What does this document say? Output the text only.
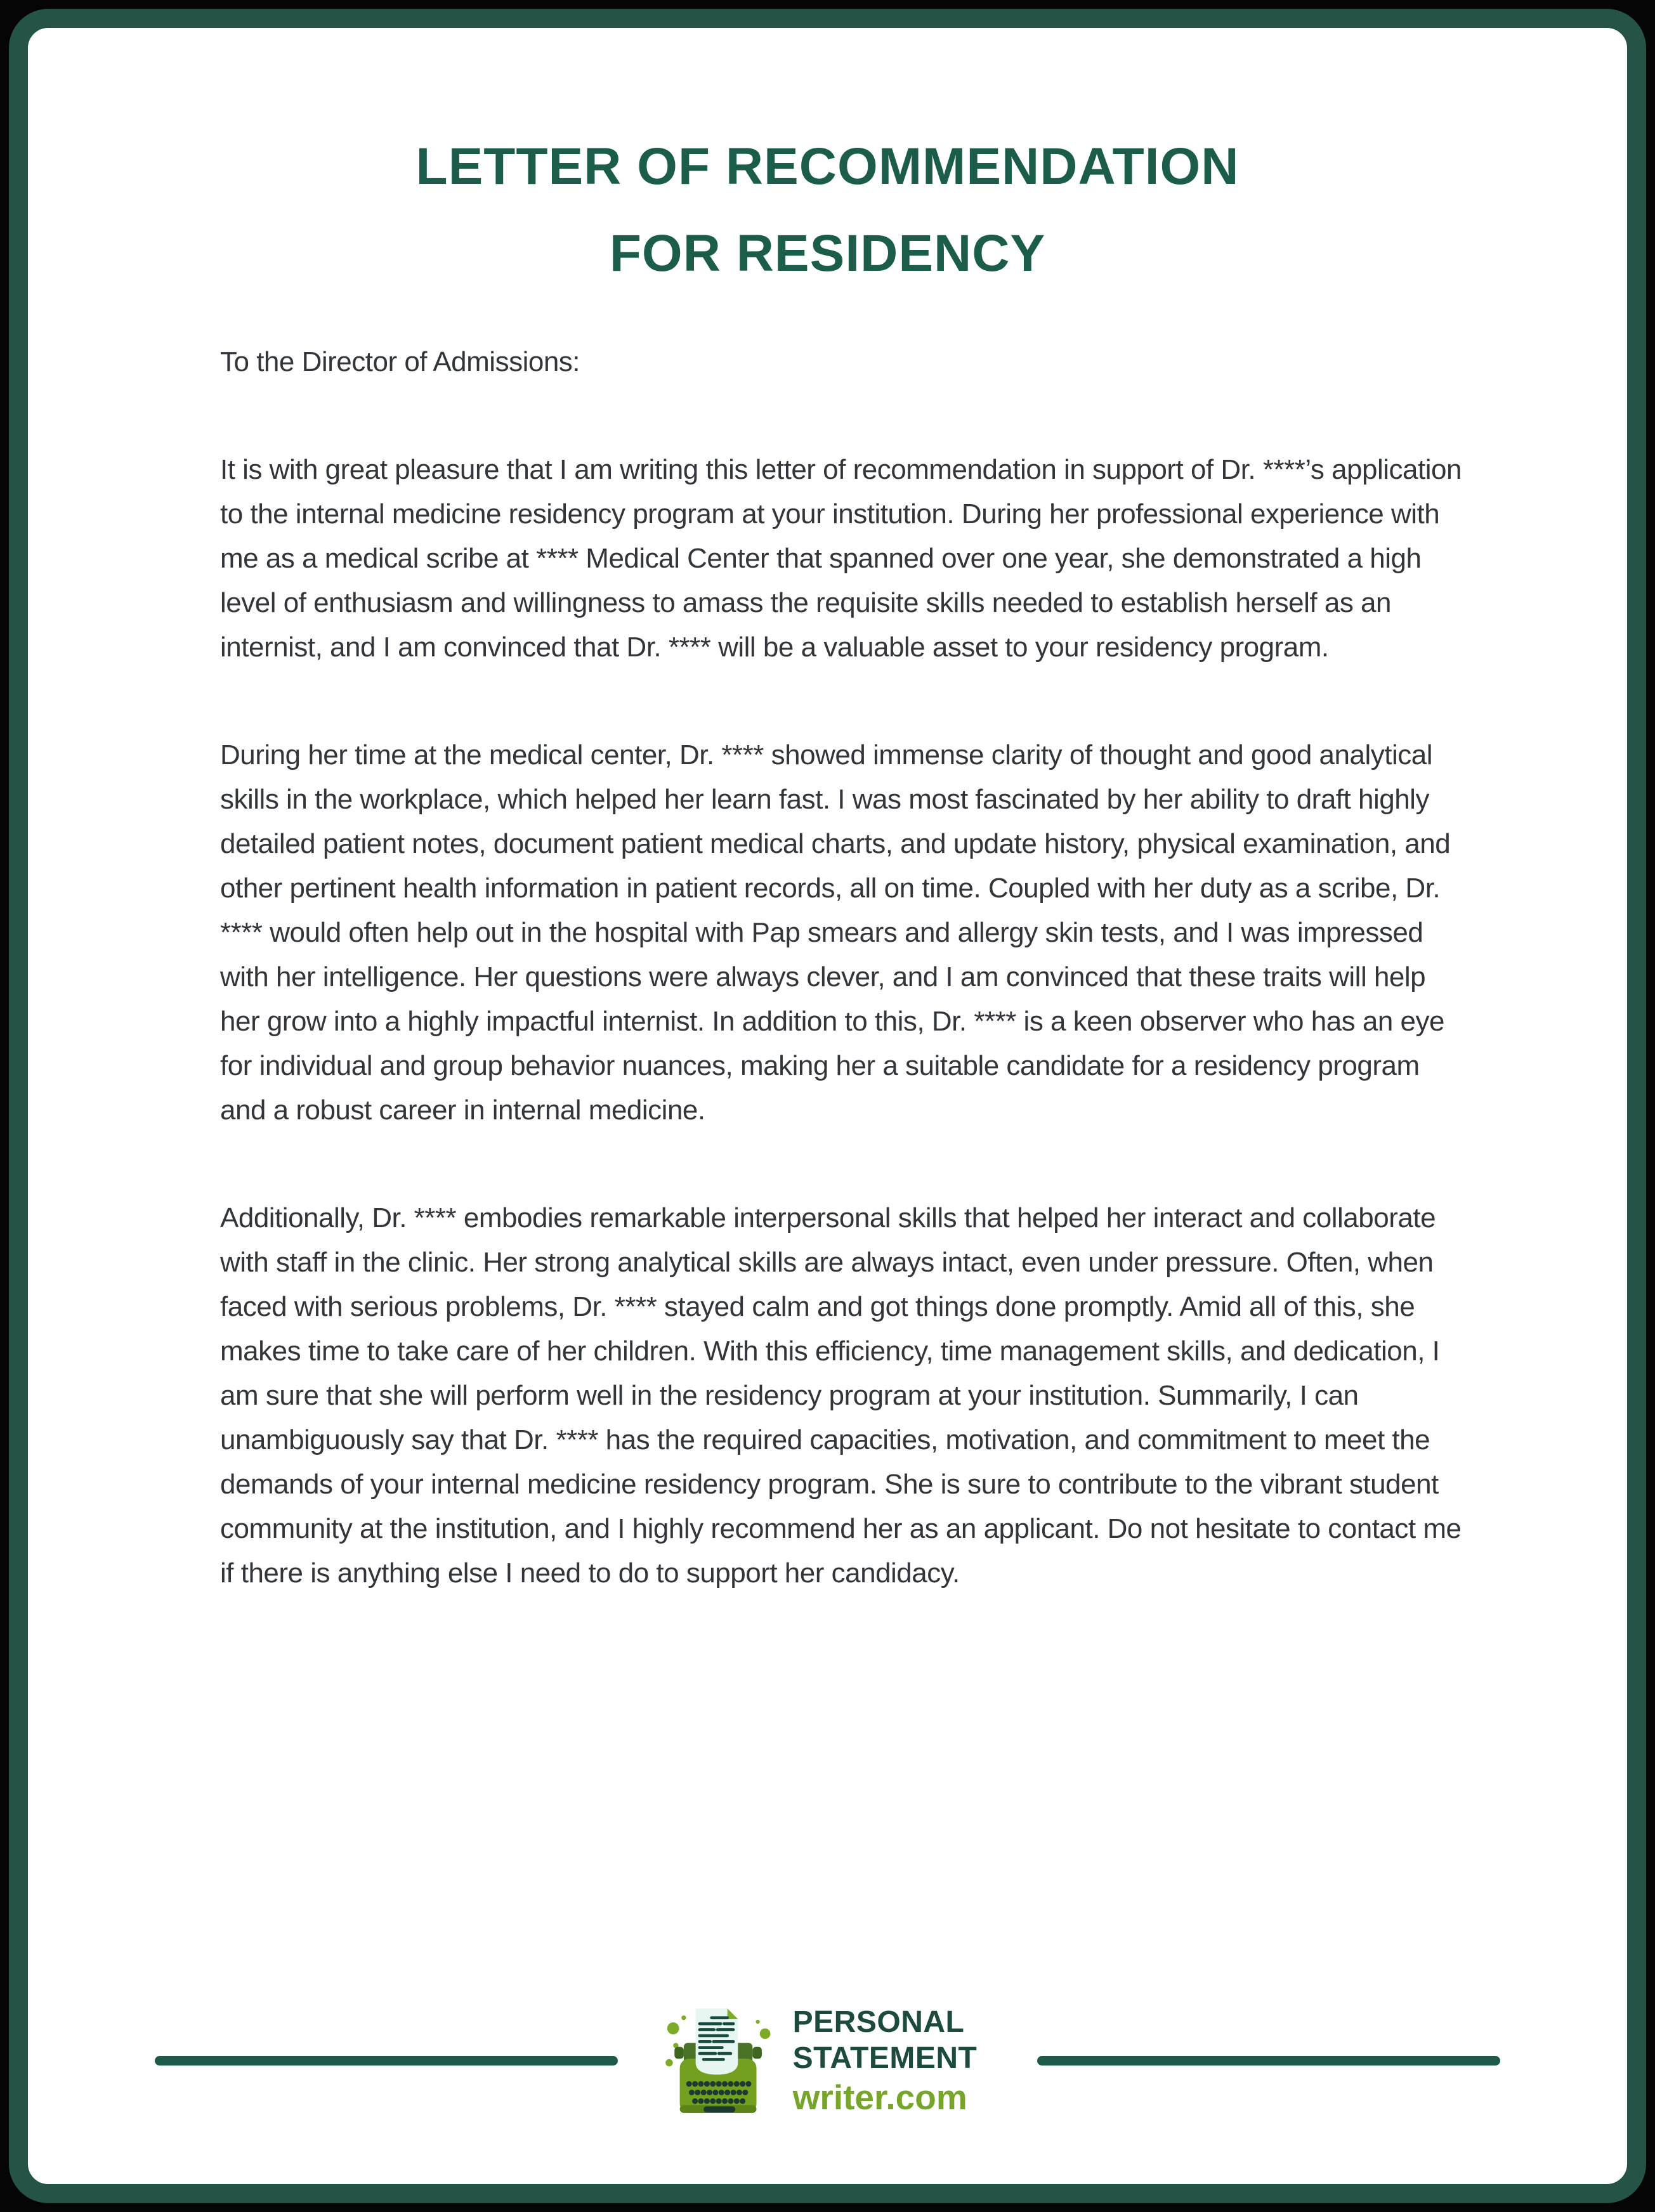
LETTER OF RECOMMENDATION
FOR RESIDENCY

To the Director of Admissions:

It is with great pleasure that I am writing this letter of recommendation in support of Dr. ****’s application to the internal medicine residency program at your institution. During her professional experience with me as a medical scribe at **** Medical Center that spanned over one year, she demonstrated a high level of enthusiasm and willingness to amass the requisite skills needed to establish herself as an internist, and I am convinced that Dr. **** will be a valuable asset to your residency program.

During her time at the medical center, Dr. **** showed immense clarity of thought and good analytical skills in the workplace, which helped her learn fast. I was most fascinated by her ability to draft highly detailed patient notes, document patient medical charts, and update history, physical examination, and other pertinent health information in patient records, all on time. Coupled with her duty as a scribe, Dr. **** would often help out in the hospital with Pap smears and allergy skin tests, and I was impressed with her intelligence. Her questions were always clever, and I am convinced that these traits will help her grow into a highly impactful internist. In addition to this, Dr. **** is a keen observer who has an eye for individual and group behavior nuances, making her a suitable candidate for a residency program and a robust career in internal medicine.

Additionally, Dr. **** embodies remarkable interpersonal skills that helped her interact and collaborate with staff in the clinic. Her strong analytical skills are always intact, even under pressure. Often, when faced with serious problems, Dr. **** stayed calm and got things done promptly. Amid all of this, she makes time to take care of her children. With this efficiency, time management skills, and dedication, I am sure that she will perform well in the residency program at your institution. Summarily, I can unambiguously say that Dr. **** has the required capacities, motivation, and commitment to meet the demands of your internal medicine residency program. She is sure to contribute to the vibrant student community at the institution, and I highly recommend her as an applicant. Do not hesitate to contact me if there is anything else I need to do to support her candidacy.

PERSONAL
STATEMENT
writer.com
